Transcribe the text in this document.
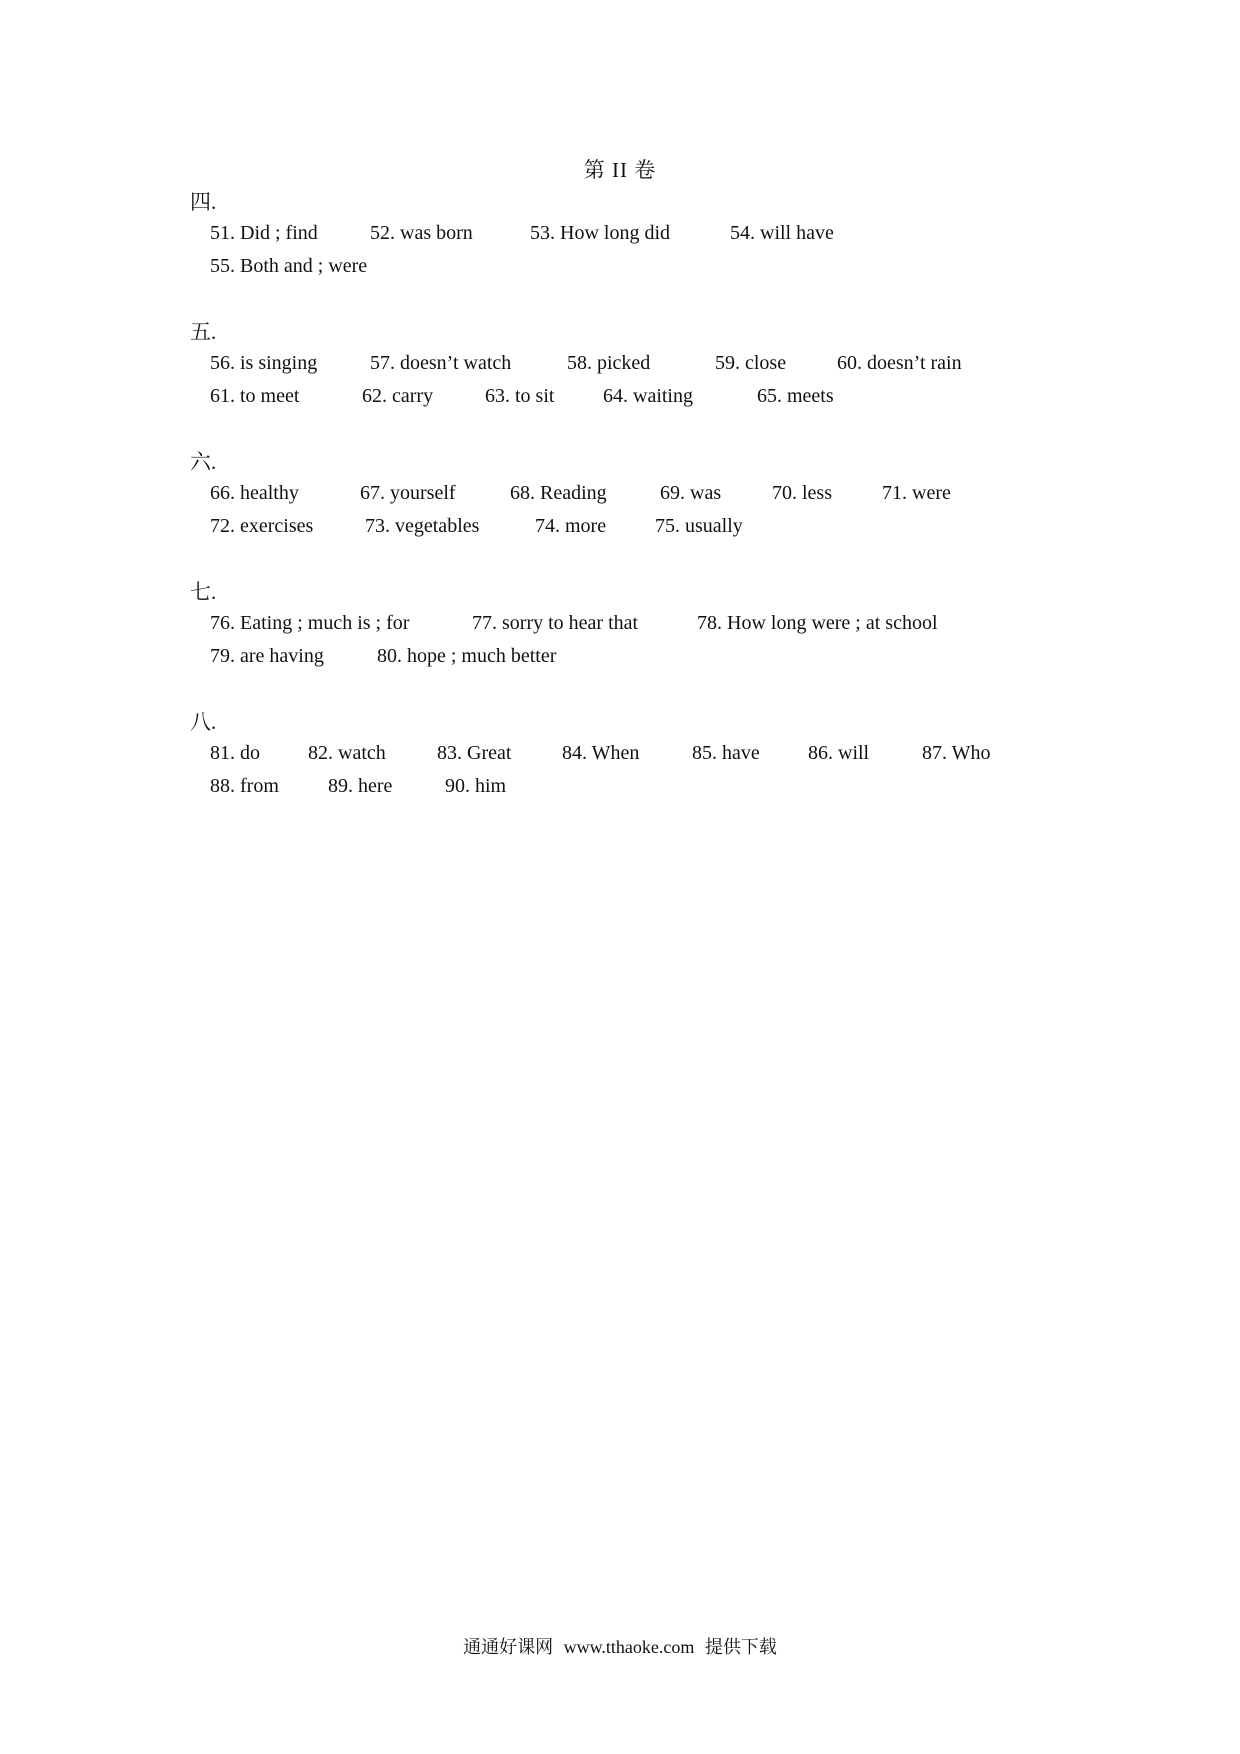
第 II 卷
四.
51. Did ; find	52. was born	53. How long did	54. will have
55. Both and ; were
五.
56. is singing	57. doesn’t watch	58. picked	59. close	60. doesn’t rain
61. to meet	62. carry	63. to sit 64. waiting	65. meets
六.
66. healthy	67. yourself	68. Reading	69. was	70. less	71. were
72. exercises	73. vegetables	74. more 75. usually
七.
76. Eating ; much is ; for	77. sorry to hear that	78. How long were ; at school
79. are having	80. hope ; much better
八.
81. do 82. watch	83. Great	84. When	85. have 86. will	87. Who
88. from 89. here	90. him
通通好课网 www.tthaoke.com 提供下载
